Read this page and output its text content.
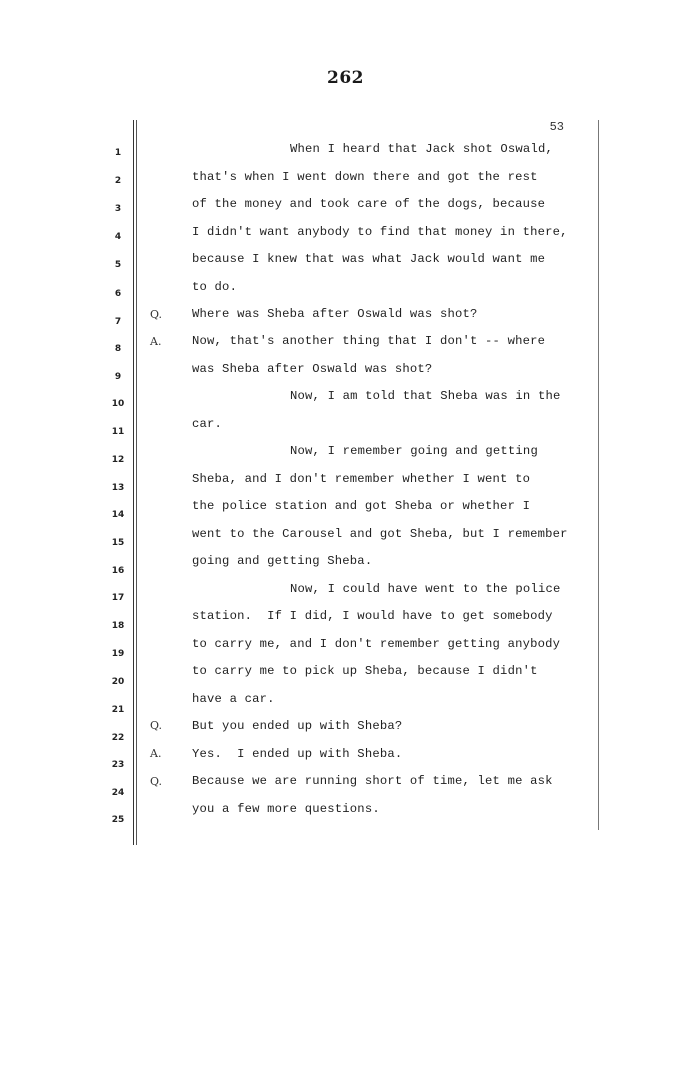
262
53
1
2
3
4
5
6
7
8
9
10
11
12
13
14
15
16
17
18
19
20
21
22
23
24
25
Q.
A.
Q.
A.
Q.
When I heard that Jack shot Oswald,
that's when I went down there and got the rest
of the money and took care of the dogs, because
I didn't want anybody to find that money in there,
because I knew that was what Jack would want me
to do.
Where was Sheba after Oswald was shot?
Now, that's another thing that I don't -- where
was Sheba after Oswald was shot?
Now, I am told that Sheba was in the
car.
Now, I remember going and getting
Sheba, and I don't remember whether I went to
the police station and got Sheba or whether I
went to the Carousel and got Sheba, but I remember
going and getting Sheba.
Now, I could have went to the police
station.  If I did, I would have to get somebody
to carry me, and I don't remember getting anybody
to carry me to pick up Sheba, because I didn't
have a car.
But you ended up with Sheba?
Yes.  I ended up with Sheba.
Because we are running short of time, let me ask
you a few more questions.
